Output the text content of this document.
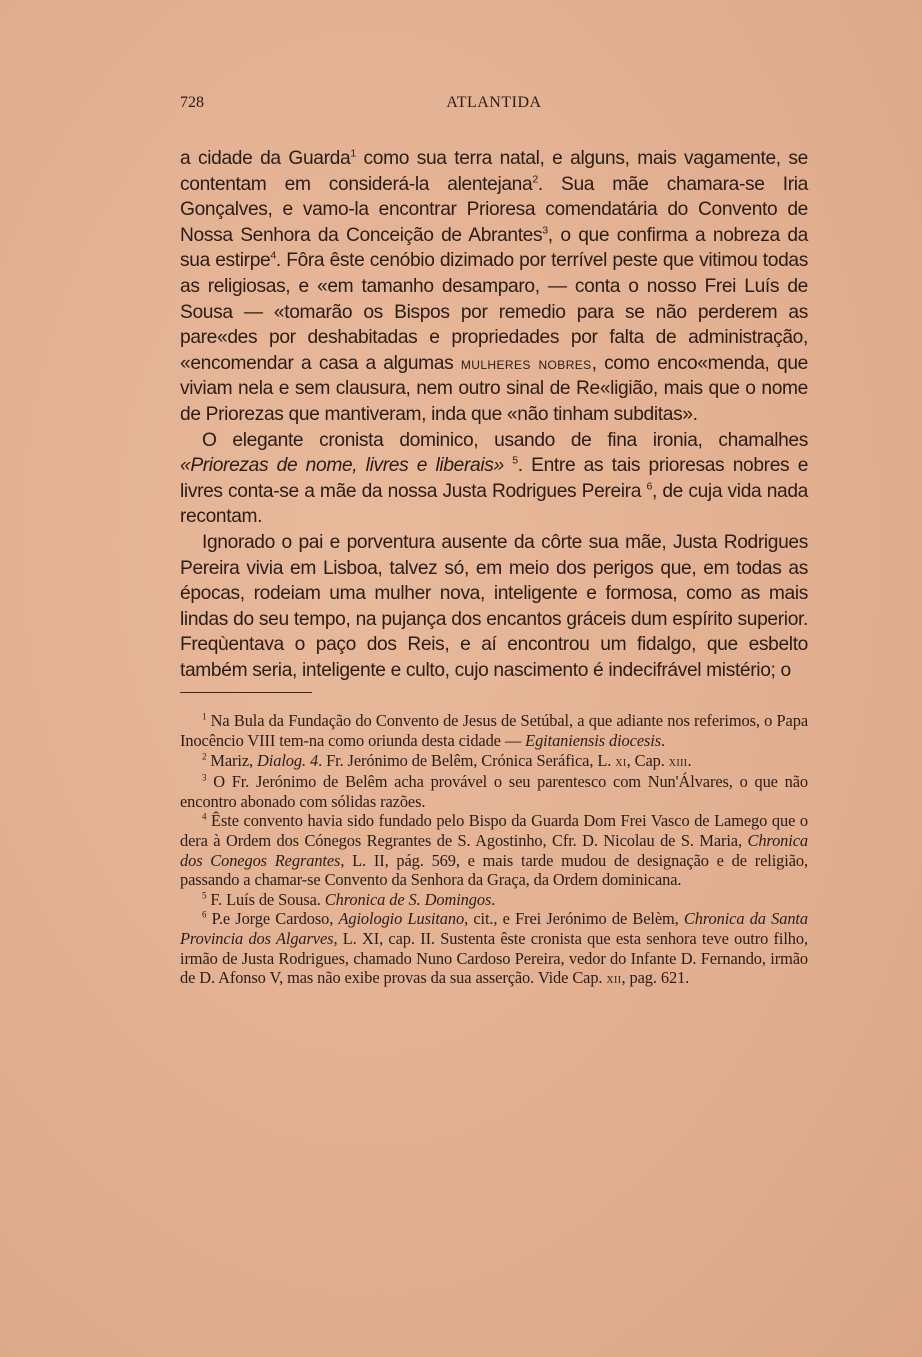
728	ATLANTIDA

a cidade da Guarda$^1$ como sua terra natal, e alguns, mais vagamente, se contentam em considerá-la alentejana$^2$. Sua mãe chamara-se Iria Gonçalves, e vamo-la encontrar Prioresa comendatária do Convento de Nossa Senhora da Conceição de Abrantes$^3$, o que confirma a nobreza da sua estirpe$^4$. Fôra êste cenóbio dizimado por terrível peste que vitimou todas as religiosas, e «em tamanho desamparo, — conta o nosso Frei Luís de Sousa — «tomarão os Bispos por remedio para se não perderem as pare«des por deshabitadas e propriedades por falta de administração, «encomendar a casa a algumas mulheres nobres, como enco«menda, que viviam nela e sem clausura, nem outro sinal de Re«ligião, mais que o nome de Priorezas que mantiveram, inda que «não tinham subditas».

O elegante cronista dominico, usando de fina ironia, chamalhes «Priorezas de nome, livres e liberais» $^5$. Entre as tais prioresas nobres e livres conta-se a mãe da nossa Justa Rodrigues Pereira $^6$, de cuja vida nada recontam.

Ignorado o pai e porventura ausente da côrte sua mãe, Justa Rodrigues Pereira vivia em Lisboa, talvez só, em meio dos perigos que, em todas as épocas, rodeiam uma mulher nova, inteligente e formosa, como as mais lindas do seu tempo, na pujança dos encantos gráceis dum espírito superior. Freqùentava o paço dos Reis, e aí encontrou um fidalgo, que esbelto também seria, inteligente e culto, cujo nascimento é indecifrável mistério; o

$^1$ Na Bula da Fundação do Convento de Jesus de Setúbal, a que adiante nos referimos, o Papa Inocêncio VIII tem-na como oriunda desta cidade — Egitaniensis diocesis.

$^2$ Mariz, Dialog. 4. Fr. Jerónimo de Belêm, Crónica Seráfica, L. xi, Cap. xiii.

$^3$ O Fr. Jerónimo de Belêm acha provável o seu parentesco com Nun'Álvares, o que não encontro abonado com sólidas razões.

$^4$ Êste convento havia sido fundado pelo Bispo da Guarda Dom Frei Vasco de Lamego que o dera à Ordem dos Cónegos Regrantes de S. Agostinho, Cfr. D. Nicolau de S. Maria, Chronica dos Conegos Regrantes, L. II, pág. 569, e mais tarde mudou de designação e de religião, passando a chamar-se Convento da Senhora da Graça, da Ordem dominicana.

$^5$ F. Luís de Sousa. Chronica de S. Domingos.

$^6$ P.e Jorge Cardoso, Agiologio Lusitano, cit., e Frei Jerónimo de Belèm, Chronica da Santa Provincia dos Algarves, L. XI, cap. II. Sustenta êste cronista que esta senhora teve outro filho, irmão de Justa Rodrigues, chamado Nuno Cardoso Pereira, vedor do Infante D. Fernando, irmão de D. Afonso V, mas não exibe provas da sua asserção. Vide Cap. xii, pag. 621.
